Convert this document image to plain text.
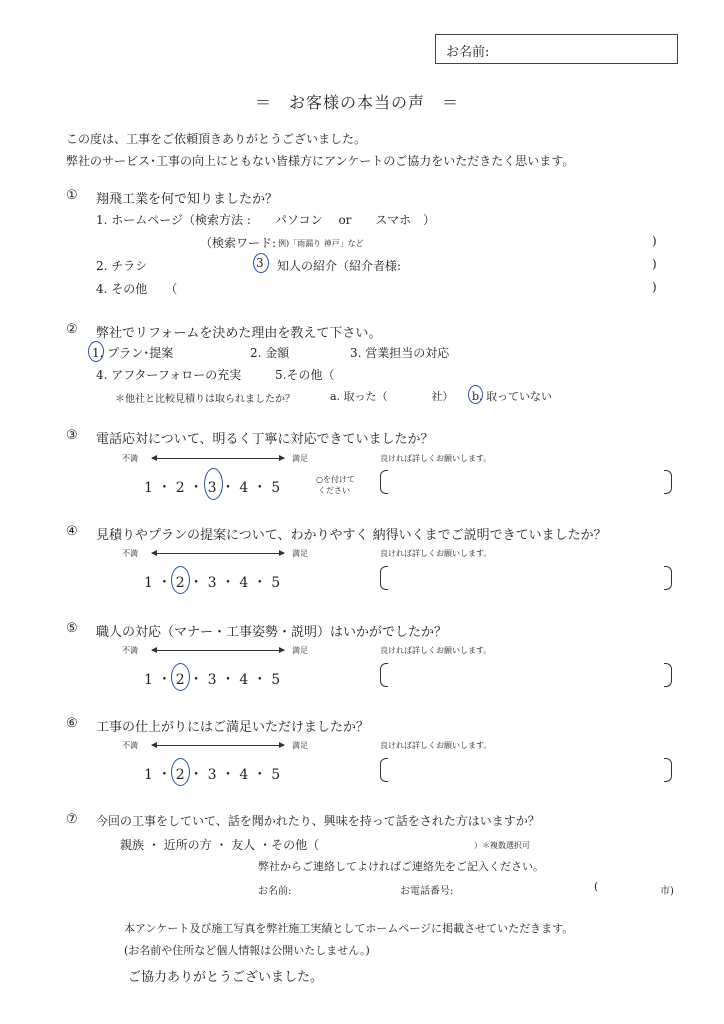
お名前:
＝　お客様の本当の声　＝
この度は、工事をご依頼頂きありがとうございました。
弊社のサービス･工事の向上にともない皆様方にアンケートのご協力をいただきたく思います。
① 翔飛工業を何で知りましたか？
1. ホームページ（検索方法 :　　パソコン　 or　　スマホ　）
（検索ワード: 例)「雨漏り 神戸」など	)
2. チラシ	3 知人の紹介（紹介者様:	)
4. その他　　（	)
② 弊社でリフォームを決めた理由を教えて下さい。
1. プラン･提案	2. 金額	3. 営業担当の対応
4. アフターフォローの充実	5.その他（
＊他社と比較見積りは取られましたか？	a. 取った（　　　　社） b. 取っていない
③ 電話応対について、明るく丁寧に対応できていましたか？
不満	満足	良ければ詳しくお願いします。
1 ・ 2 ・ 3 ・ 4 ・ 5
○を付けて
ください
④ 見積りやプランの提案について、わかりやすく 納得いくまでご説明できていましたか？
不満	満足	良ければ詳しくお願いします。
1 ・ 2 ・ 3 ・ 4 ・ 5
⑤ 職人の対応（マナー・工事姿勢・説明）はいかがでしたか？
不満	満足	良ければ詳しくお願いします。
1 ・ 2 ・ 3 ・ 4 ・ 5
⑥ 工事の仕上がりにはご満足いただけましたか？
不満	満足	良ければ詳しくお願いします。
1 ・ 2 ・ 3 ・ 4 ・ 5
⑦ 今回の工事をしていて、話を聞かれたり、興味を持って話をされた方はいますか？
親族 ・ 近所の方 ・ 友人 ・その他（	）＊複数選択可
弊社からご連絡してよければご連絡先をご記入ください。
お名前:	お電話番号:	(	市)
本アンケート及び施工写真を弊社施工実績としてホームページに掲載させていただきます。
(お名前や住所など個人情報は公開いたしません。)
ご協力ありがとうございました。
